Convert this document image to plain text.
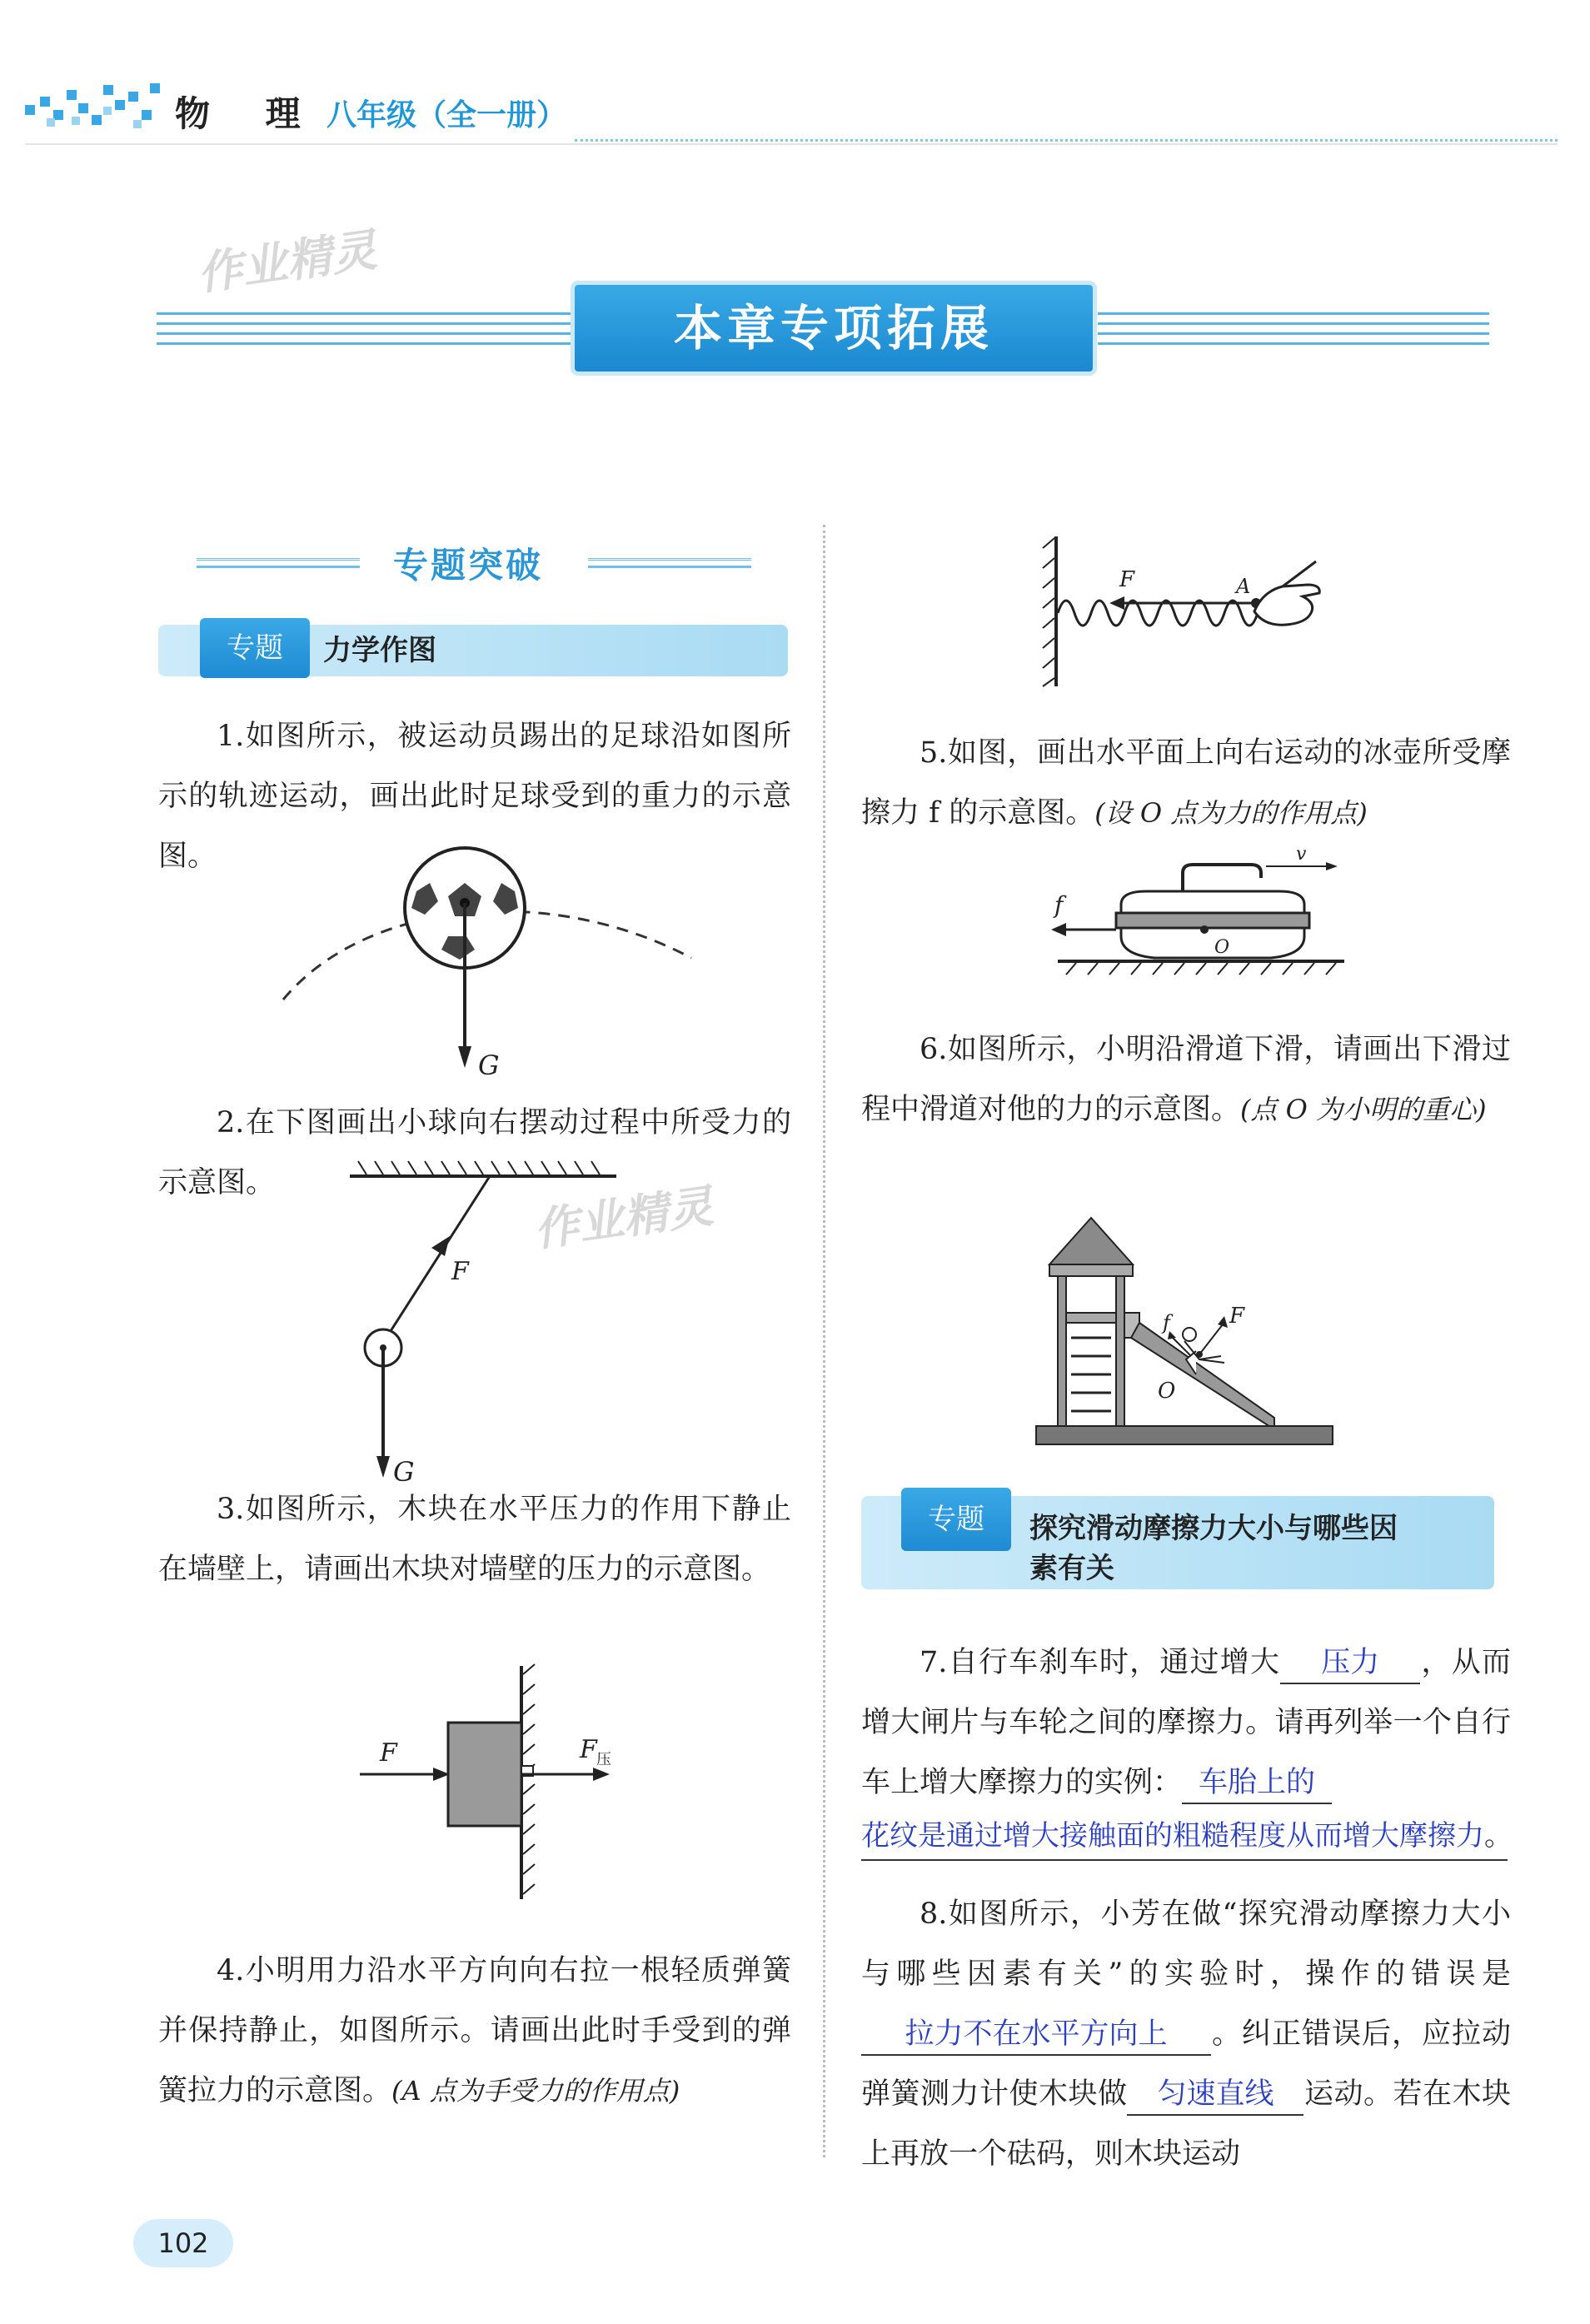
物 理 八年级（全一册）
作业精灵
作业精灵
本章专项拓展
专题突破
专题	力学作图

1.如图所示，被运动员踢出的足球沿如图所示的轨迹运动，画出此时足球受到的重力的示意图。

G

2.在下图画出小球向右摆动过程中所受力的示意图。

F
G

3.如图所示，木块在水平压力的作用下静止在墙壁上，请画出木块对墙壁的压力的示意图。

F	F 压

4.小明用力沿水平方向向右拉一根轻质弹簧并保持静止，如图所示。请画出此时手受到的弹簧拉力的示意图。(A 点为手受力的作用点)

F	A

5.如图，画出水平面上向右运动的冰壶所受摩擦力 f 的示意图。(设 O 点为力的作用点)

v
f
O

6.如图所示，小明沿滑道下滑，请画出下滑过程中滑道对他的力的示意图。(点 O 为小明的重心)

f	F
O
专题	探究滑动摩擦力大小与哪些因
素有关
7.自行车刹车时，通过增大 压力 ，从而增大闸片与车轮之间的摩擦力。请再列举一个自行车上增大摩擦力的实例： 车胎上的
花纹是通过增大接触面的粗糙程度从而增大摩擦力。

8.如图所示，小芳在做“探究滑动摩擦力大小与哪些因素有关”的实验时，操作的错误是拉力不在水平方向上 。纠正错误后，应拉动弹簧测力计使木块做 匀速直线 运动。若在木块上再放一个砝码，则木块运动

102
